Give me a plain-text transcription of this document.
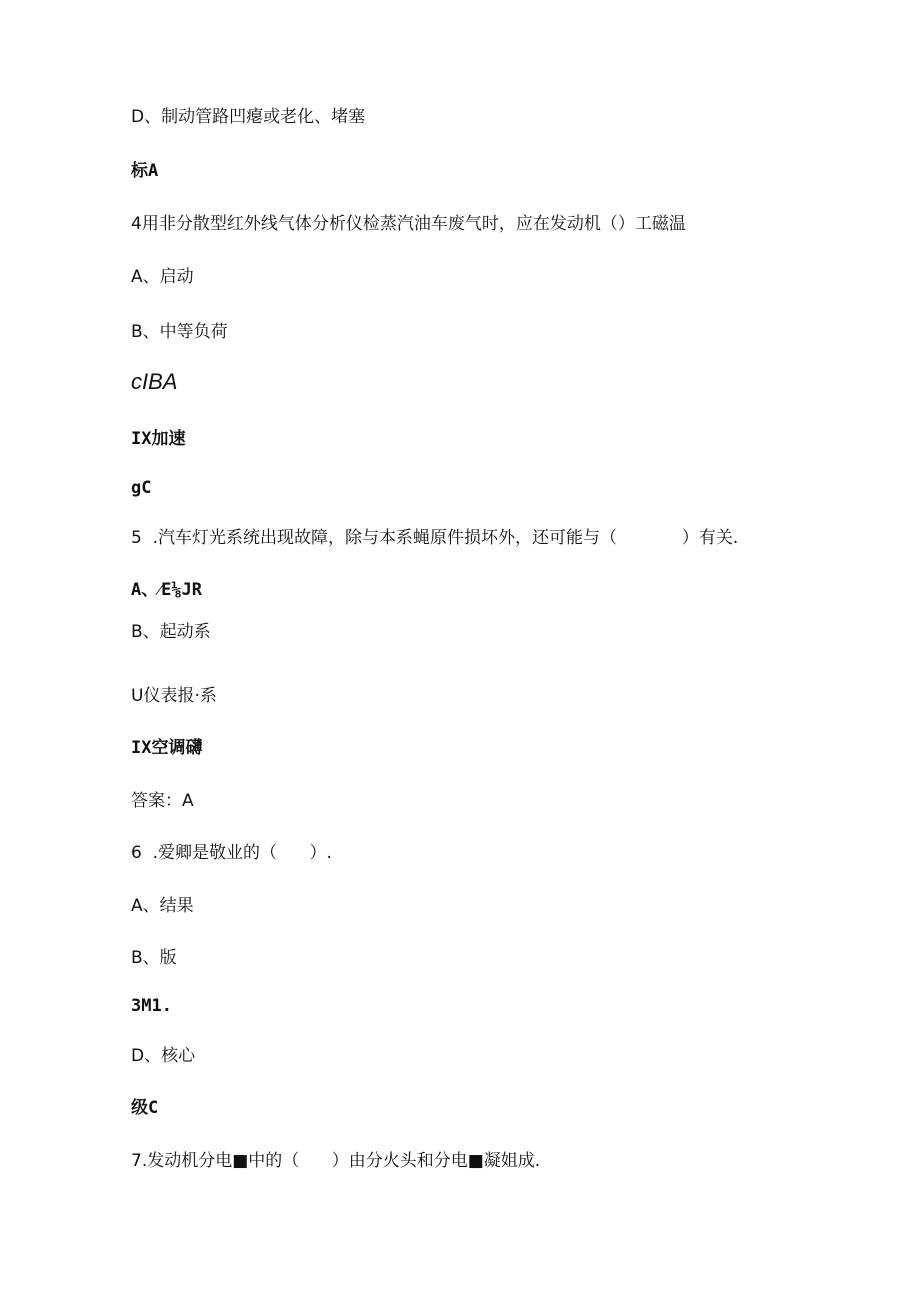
D、制动管路凹瘪或老化、堵塞
标A
4用非分散型红外线气体分析仪检蒸汽油车废气时，应在发动机（）工磁温
A、启动
B、中等负荷
cIBA
IX加速
gC
5  .汽车灯光系统出现故障，除与本系蝇原件损坏外，还可能与（            ）有关.
A、⁄E⅛JR
B、起动系
U仪表报·系
IX空调礴
答案：A
6  .爱卿是敬业的（      ）.
A、结果
B、版
3M1.
D、核心
级C
7.发动机分电■中的（      ）由分火头和分电■凝姐成.
